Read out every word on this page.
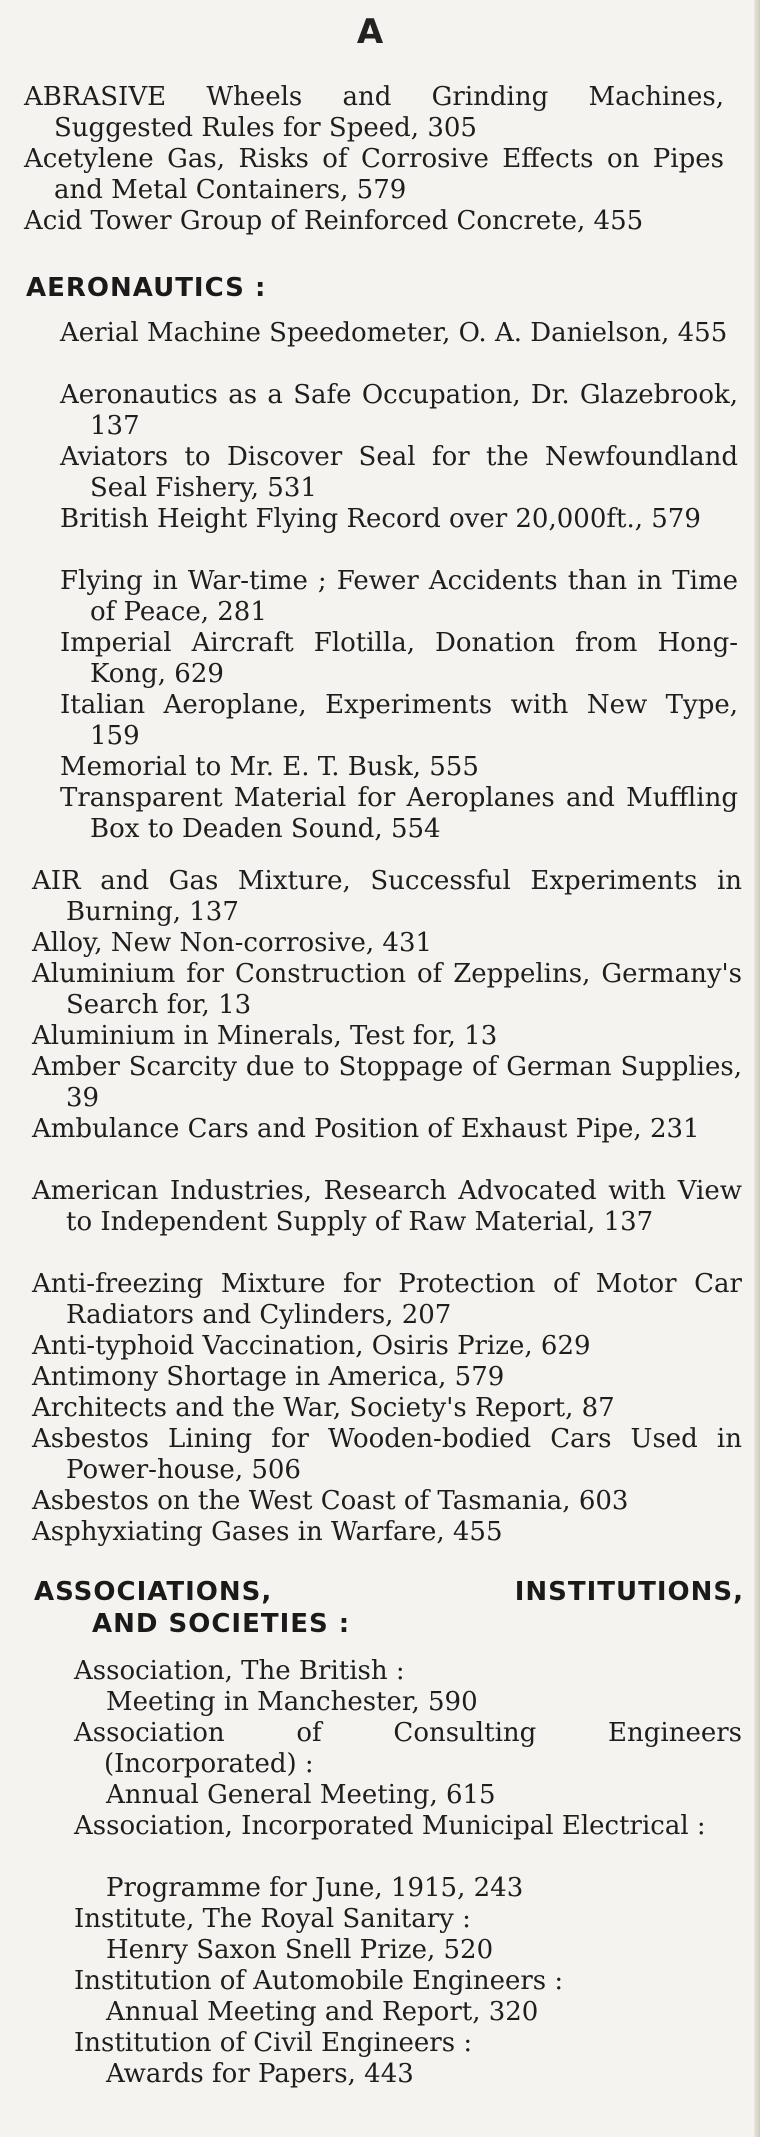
A

ABRASIVE Wheels and Grinding Machines, Suggested Rules for Speed, 305

Acetylene Gas, Risks of Corrosive Effects on Pipes and Metal Containers, 579

Acid Tower Group of Reinforced Concrete, 455

AERONAUTICS :

Aerial Machine Speedometer, O. A. Danielson, 455

Aeronautics as a Safe Occupation, Dr. Glazebrook, 137

Aviators to Discover Seal for the Newfoundland Seal Fishery, 531

British Height Flying Record over 20,000ft., 579

Flying in War-time ; Fewer Accidents than in Time of Peace, 281

Imperial Aircraft Flotilla, Donation from Hong-Kong, 629

Italian Aeroplane, Experiments with New Type, 159

Memorial to Mr. E. T. Busk, 555

Transparent Material for Aeroplanes and Muffling Box to Deaden Sound, 554

AIR and Gas Mixture, Successful Experiments in Burning, 137

Alloy, New Non-corrosive, 431

Aluminium for Construction of Zeppelins, Germany's Search for, 13

Aluminium in Minerals, Test for, 13

Amber Scarcity due to Stoppage of German Supplies, 39

Ambulance Cars and Position of Exhaust Pipe, 231

American Industries, Research Advocated with View to Independent Supply of Raw Material, 137

Anti-freezing Mixture for Protection of Motor Car Radiators and Cylinders, 207

Anti-typhoid Vaccination, Osiris Prize, 629

Antimony Shortage in America, 579

Architects and the War, Society's Report, 87

Asbestos Lining for Wooden-bodied Cars Used in Power-house, 506

Asbestos on the West Coast of Tasmania, 603

Asphyxiating Gases in Warfare, 455

ASSOCIATIONS, INSTITUTIONS,
AND SOCIETIES :

Association, The British :

Meeting in Manchester, 590

Association of Consulting Engineers (Incorporated) :

Annual General Meeting, 615

Association, Incorporated Municipal Electrical :

Programme for June, 1915, 243

Institute, The Royal Sanitary :

Henry Saxon Snell Prize, 520

Institution of Automobile Engineers :

Annual Meeting and Report, 320

Institution of Civil Engineers :

Awards for Papers, 443
